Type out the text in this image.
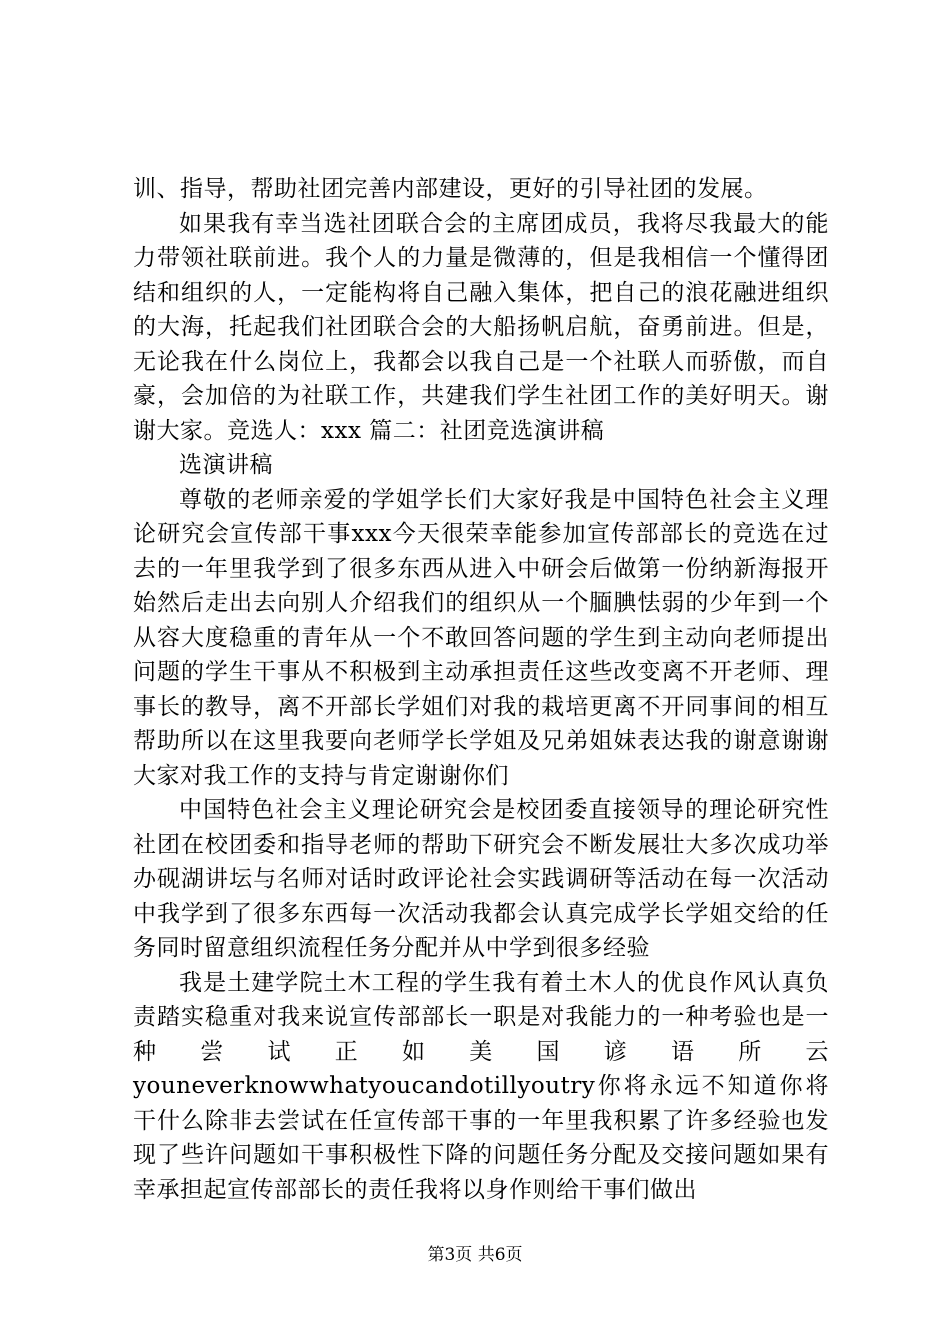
训、指导，帮助社团完善内部建设，更好的引导社团的发展。

如果我有幸当选社团联合会的主席团成员，我将尽我最大的能力带领社联前进。我个人的力量是微薄的，但是我相信一个懂得团结和组织的人，一定能构将自己融入集体，把自己的浪花融进组织的大海，托起我们社团联合会的大船扬帆启航，奋勇前进。但是，无论我在什么岗位上，我都会以我自己是一个社联人而骄傲，而自豪，会加倍的为社联工作，共建我们学生社团工作的美好明天。谢谢大家。竞选人：xxx 篇二：社团竞选演讲稿

选演讲稿

尊敬的老师亲爱的学姐学长们大家好我是中国特色社会主义理论研究会宣传部干事xxx今天很荣幸能参加宣传部部长的竞选在过去的一年里我学到了很多东西从进入中研会后做第一份纳新海报开始然后走出去向别人介绍我们的组织从一个腼腆怯弱的少年到一个从容大度稳重的青年从一个不敢回答问题的学生到主动向老师提出问题的学生干事从不积极到主动承担责任这些改变离不开老师、理事长的教导，离不开部长学姐们对我的栽培更离不开同事间的相互帮助所以在这里我要向老师学长学姐及兄弟姐妹表达我的谢意谢谢大家对我工作的支持与肯定谢谢你们

中国特色社会主义理论研究会是校团委直接领导的理论研究性社团在校团委和指导老师的帮助下研究会不断发展壮大多次成功举办砚湖讲坛与名师对话时政评论社会实践调研等活动在每一次活动中我学到了很多东西每一次活动我都会认真完成学长学姐交给的任务同时留意组织流程任务分配并从中学到很多经验

我是土建学院土木工程的学生我有着土木人的优良作风认真负责踏实稳重对我来说宣传部部长一职是对我能力的一种考验也是一种尝试正如美国谚语所云youneverknowwhatyoucandotillyoutry你将永远不知道你将干什么除非去尝试在任宣传部干事的一年里我积累了许多经验也发现了些许问题如干事积极性下降的问题任务分配及交接问题如果有幸承担起宣传部部长的责任我将以身作则给干事们做出

第3页 共6页
